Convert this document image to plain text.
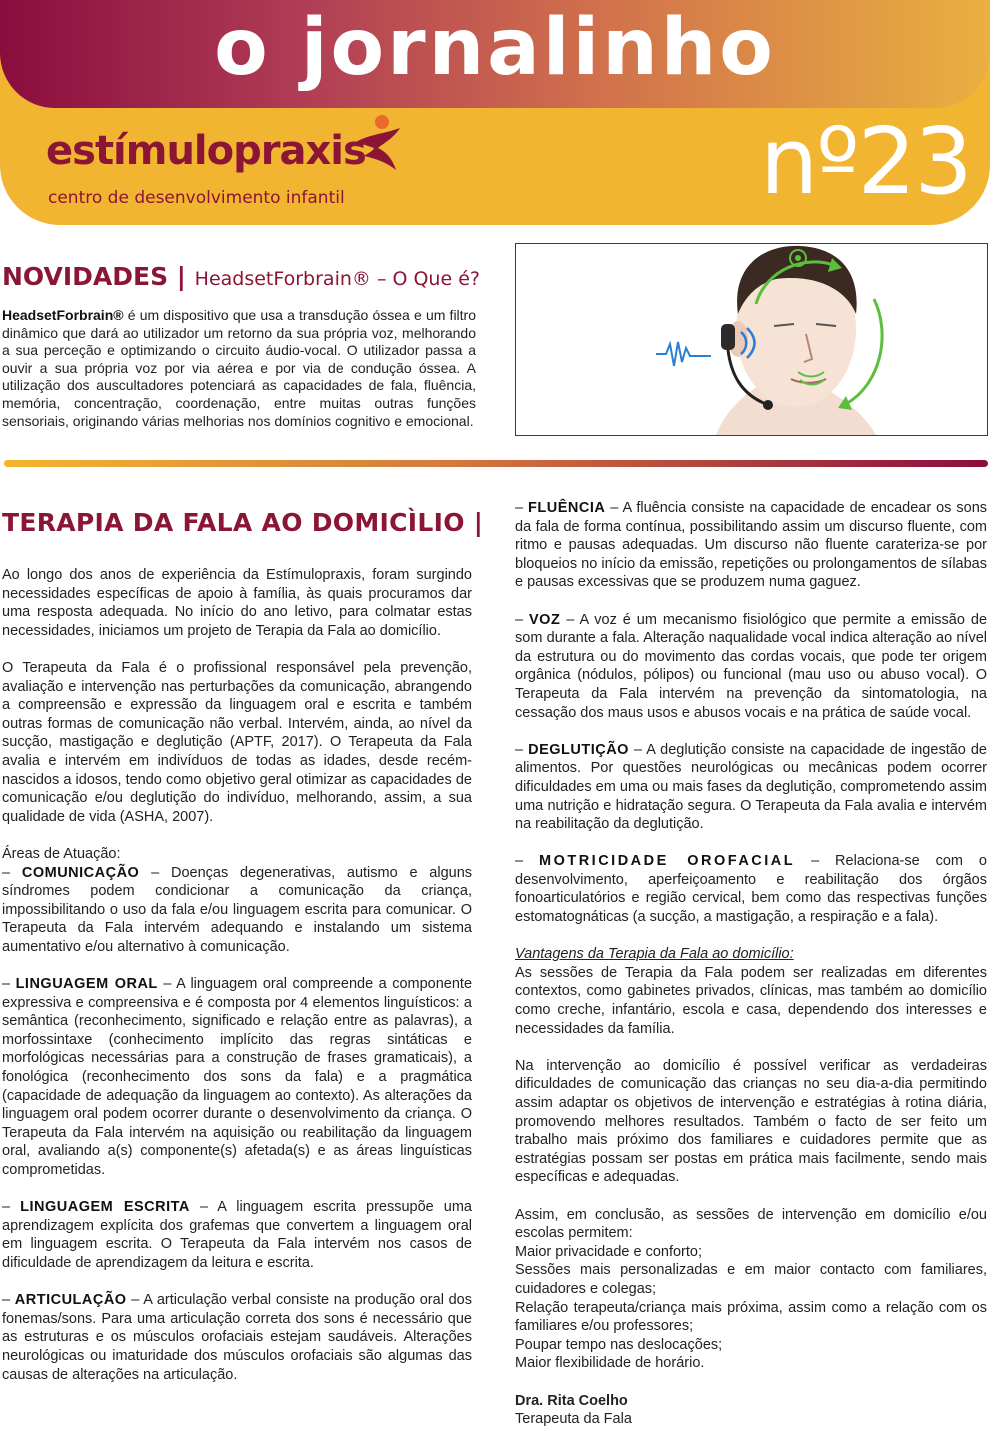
o jornalinho
estímulopraxis
centro de desenvolvimento infantil	nº23
NOVIDADES | HeadsetForbrain® – O Que é?
HeadsetForbrain® é um dispositivo que usa a transdução óssea e um filtro dinâmico que dará ao utilizador um retorno da sua própria voz, melhorando a sua perceção e optimizando o circuito áudio-vocal. O utilizador passa a ouvir a sua própria voz por via aérea e por via de condução óssea. A utilização dos auscultadores potenciará as capacidades de fala, fluência, memória, concentração, coordenação, entre muitas outras funções sensoriais, originando várias melhorias nos domínios cognitivo e emocional.
TERAPIA DA FALA AO DOMICÌLIO |

Ao longo dos anos de experiência da Estímulopraxis, foram surgindo necessidades específicas de apoio à família, às quais procuramos dar uma resposta adequada. No início do ano letivo, para colmatar estas necessidades, iniciamos um projeto de Terapia da Fala ao domicílio.

O Terapeuta da Fala é o profissional responsável pela prevenção, avaliação e intervenção nas perturbações da comunicação, abrangendo a compreensão e expressão da linguagem oral e escrita e também outras formas de comunicação não verbal. Intervém, ainda, ao nível da sucção, mastigação e deglutição (APTF, 2017). O Terapeuta da Fala avalia e intervém em indivíduos de todas as idades, desde recém-nascidos a idosos, tendo como objetivo geral otimizar as capacidades de comunicação e/ou deglutição do indivíduo, melhorando, assim, a sua qualidade de vida (ASHA, 2007).

Áreas de Atuação:

– COMUNICAÇÃO – Doenças degenerativas, autismo e alguns síndromes podem condicionar a comunicação da criança, impossibilitando o uso da fala e/ou linguagem escrita para comunicar. O Terapeuta da Fala intervém adequando e instalando um sistema aumentativo e/ou alternativo à comunicação.

– LINGUAGEM ORAL – A linguagem oral compreende a componente expressiva e compreensiva e é composta por 4 elementos linguísticos: a semântica (reconhecimento, significado e relação entre as palavras), a morfossintaxe (conhecimento implícito das regras sintáticas e morfológicas necessárias para a construção de frases gramaticais), a fonológica (reconhecimento dos sons da fala) e a pragmática (capacidade de adequação da linguagem ao contexto). As alterações da linguagem oral podem ocorrer durante o desenvolvimento da criança. O Terapeuta da Fala intervém na aquisição ou reabilitação da linguagem oral, avaliando a(s) componente(s) afetada(s) e as áreas linguísticas comprometidas.

– LINGUAGEM ESCRITA – A linguagem escrita pressupõe uma aprendizagem explícita dos grafemas que convertem a linguagem oral em linguagem escrita. O Terapeuta da Fala intervém nos casos de dificuldade de aprendizagem da leitura e escrita.

– ARTICULAÇÃO – A articulação verbal consiste na produção oral dos fonemas/sons. Para uma articulação correta dos sons é necessário que as estruturas e os músculos orofaciais estejam saudáveis. Alterações neurológicas ou imaturidade dos músculos orofaciais são algumas das causas de alterações na articulação.

– FLUÊNCIA – A fluência consiste na capacidade de encadear os sons da fala de forma contínua, possibilitando assim um discurso fluente, com ritmo e pausas adequadas. Um discurso não fluente carateriza-se por bloqueios no início da emissão, repetições ou prolongamentos de sílabas e pausas excessivas que se produzem numa gaguez.

– VOZ – A voz é um mecanismo fisiológico que permite a emissão de som durante a fala. Alteração naqualidade vocal indica alteração ao nível da estrutura ou do movimento das cordas vocais, que pode ter origem orgânica (nódulos, pólipos) ou funcional (mau uso ou abuso vocal). O Terapeuta da Fala intervém na prevenção da sintomatologia, na cessação dos maus usos e abusos vocais e na prática de saúde vocal.

– DEGLUTIÇÃO – A deglutição consiste na capacidade de ingestão de alimentos. Por questões neurológicas ou mecânicas podem ocorrer dificuldades em uma ou mais fases da deglutição, comprometendo assim uma nutrição e hidratação segura. O Terapeuta da Fala avalia e intervém na reabilitação da deglutição.

– MOTRICIDADE OROFACIAL – Relaciona-se com o desenvolvimento, aperfeiçoamento e reabilitação dos órgãos fonoarticulatórios e região cervical, bem como das respectivas funções estomatognáticas (a sucção, a mastigação, a respiração e a fala).

Vantagens da Terapia da Fala ao domicílio:

As sessões de Terapia da Fala podem ser realizadas em diferentes contextos, como gabinetes privados, clínicas, mas também ao domicílio como creche, infantário, escola e casa, dependendo dos interesses e necessidades da família.

Na intervenção ao domicílio é possível verificar as verdadeiras dificuldades de comunicação das crianças no seu dia-a-dia permitindo assim adaptar os objetivos de intervenção e estratégias à rotina diária, promovendo melhores resultados. Também o facto de ser feito um trabalho mais próximo dos familiares e cuidadores permite que as estratégias possam ser postas em prática mais facilmente, sendo mais específicas e adequadas.

Assim, em conclusão, as sessões de intervenção em domicílio e/ou escolas permitem:
Maior privacidade e conforto;
Sessões mais personalizadas e em maior contacto com familiares, cuidadores e colegas;
Relação terapeuta/criança mais próxima, assim como a relação com os familiares e/ou professores;
Poupar tempo nas deslocações;

Maior flexibilidade de horário.

Dra. Rita Coelho
Terapeuta da Fala
